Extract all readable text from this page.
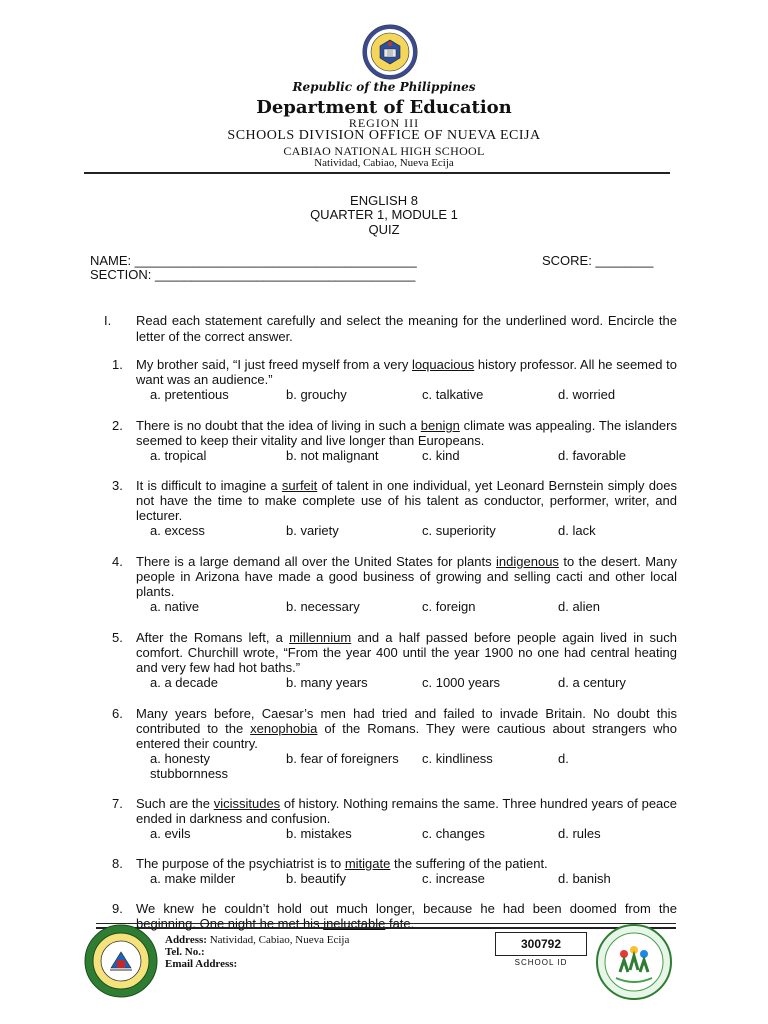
Republic of the Philippines
Department of Education
REGION III
SCHOOLS DIVISION OFFICE OF NUEVA ECIJA
CABIAO NATIONAL HIGH SCHOOL
Natividad, Cabiao, Nueva Ecija
ENGLISH 8
QUARTER 1, MODULE 1
QUIZ
NAME: _______________________________________	SCORE: ________
SECTION: ____________________________________
I. Read each statement carefully and select the meaning for the underlined word. Encircle the letter of the correct answer.
1. My brother said, “I just freed myself from a very loquacious history professor. All he seemed to want was an audience.”
a. pretentious	b. grouchy	c. talkative	d. worried
2. There is no doubt that the idea of living in such a benign climate was appealing. The islanders seemed to keep their vitality and live longer than Europeans.
a. tropical	b. not malignant	c. kind	d. favorable
3. It is difficult to imagine a surfeit of talent in one individual, yet Leonard Bernstein simply does not have the time to make complete use of his talent as conductor, performer, writer, and lecturer.
a. excess	b. variety	c. superiority	d. lack
4. There is a large demand all over the United States for plants indigenous to the desert. Many people in Arizona have made a good business of growing and selling cacti and other local plants.
a. native	b. necessary	c. foreign	d. alien
5. After the Romans left, a millennium and a half passed before people again lived in such comfort. Churchill wrote, “From the year 400 until the year 1900 no one had central heating and very few had hot baths.”
a. a decade	b. many years	c. 1000 years	d. a century
6. Many years before, Caesar’s men had tried and failed to invade Britain. No doubt this contributed to the xenophobia of the Romans. They were cautious about strangers who entered their country.
a. honesty	b. fear of foreigners c. kindliness	d.
stubbornness
7. Such are the vicissitudes of history. Nothing remains the same. Three hundred years of peace ended in darkness and confusion.
a. evils	b. mistakes	c. changes	d. rules
8. The purpose of the psychiatrist is to mitigate the suffering of the patient.
a. make milder	b. beautify	c. increase	d. banish
9. We knew he couldn’t hold out much longer, because he had been doomed from the beginning. One night he met his ineluctable fate.
Address: Natividad, Cabiao, Nueva Ecija
Tel. No.:
Email Address:
300792
SCHOOL ID
